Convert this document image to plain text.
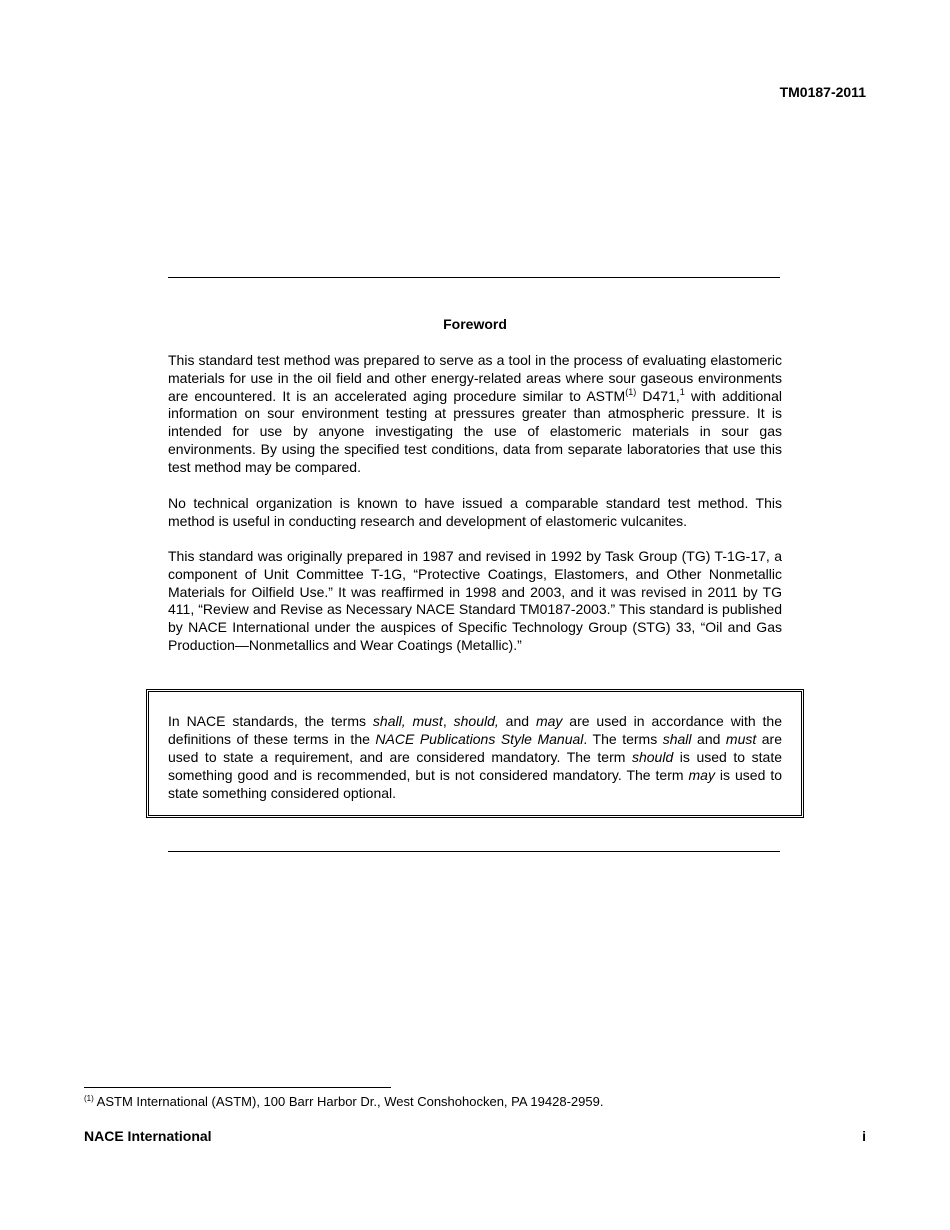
TM0187-2011
Foreword

This standard test method was prepared to serve as a tool in the process of evaluating elastomeric materials for use in the oil field and other energy-related areas where sour gaseous environments are encountered. It is an accelerated aging procedure similar to ASTM$^{(1)}$ D471,$^1$ with additional information on sour environment testing at pressures greater than atmospheric pressure. It is intended for use by anyone investigating the use of elastomeric materials in sour gas environments. By using the specified test conditions, data from separate laboratories that use this test method may be compared.

No technical organization is known to have issued a comparable standard test method. This method is useful in conducting research and development of elastomeric vulcanites.

This standard was originally prepared in 1987 and revised in 1992 by Task Group (TG) T-1G-17, a component of Unit Committee T-1G, “Protective Coatings, Elastomers, and Other Nonmetallic Materials for Oilfield Use.” It was reaffirmed in 1998 and 2003, and it was revised in 2011 by TG 411, “Review and Revise as Necessary NACE Standard TM0187-2003.” This standard is published by NACE International under the auspices of Specific Technology Group (STG) 33, “Oil and Gas Production—Nonmetallics and Wear Coatings (Metallic).”

In NACE standards, the terms shall, must, should, and may are used in accordance with the definitions of these terms in the NACE Publications Style Manual. The terms shall and must are used to state a requirement, and are considered mandatory. The term should is used to state something good and is recommended, but is not considered mandatory. The term may is used to state something considered optional.

$^{(1)}$ ASTM International (ASTM), 100 Barr Harbor Dr., West Conshohocken, PA 19428-2959.
NACE International	i
